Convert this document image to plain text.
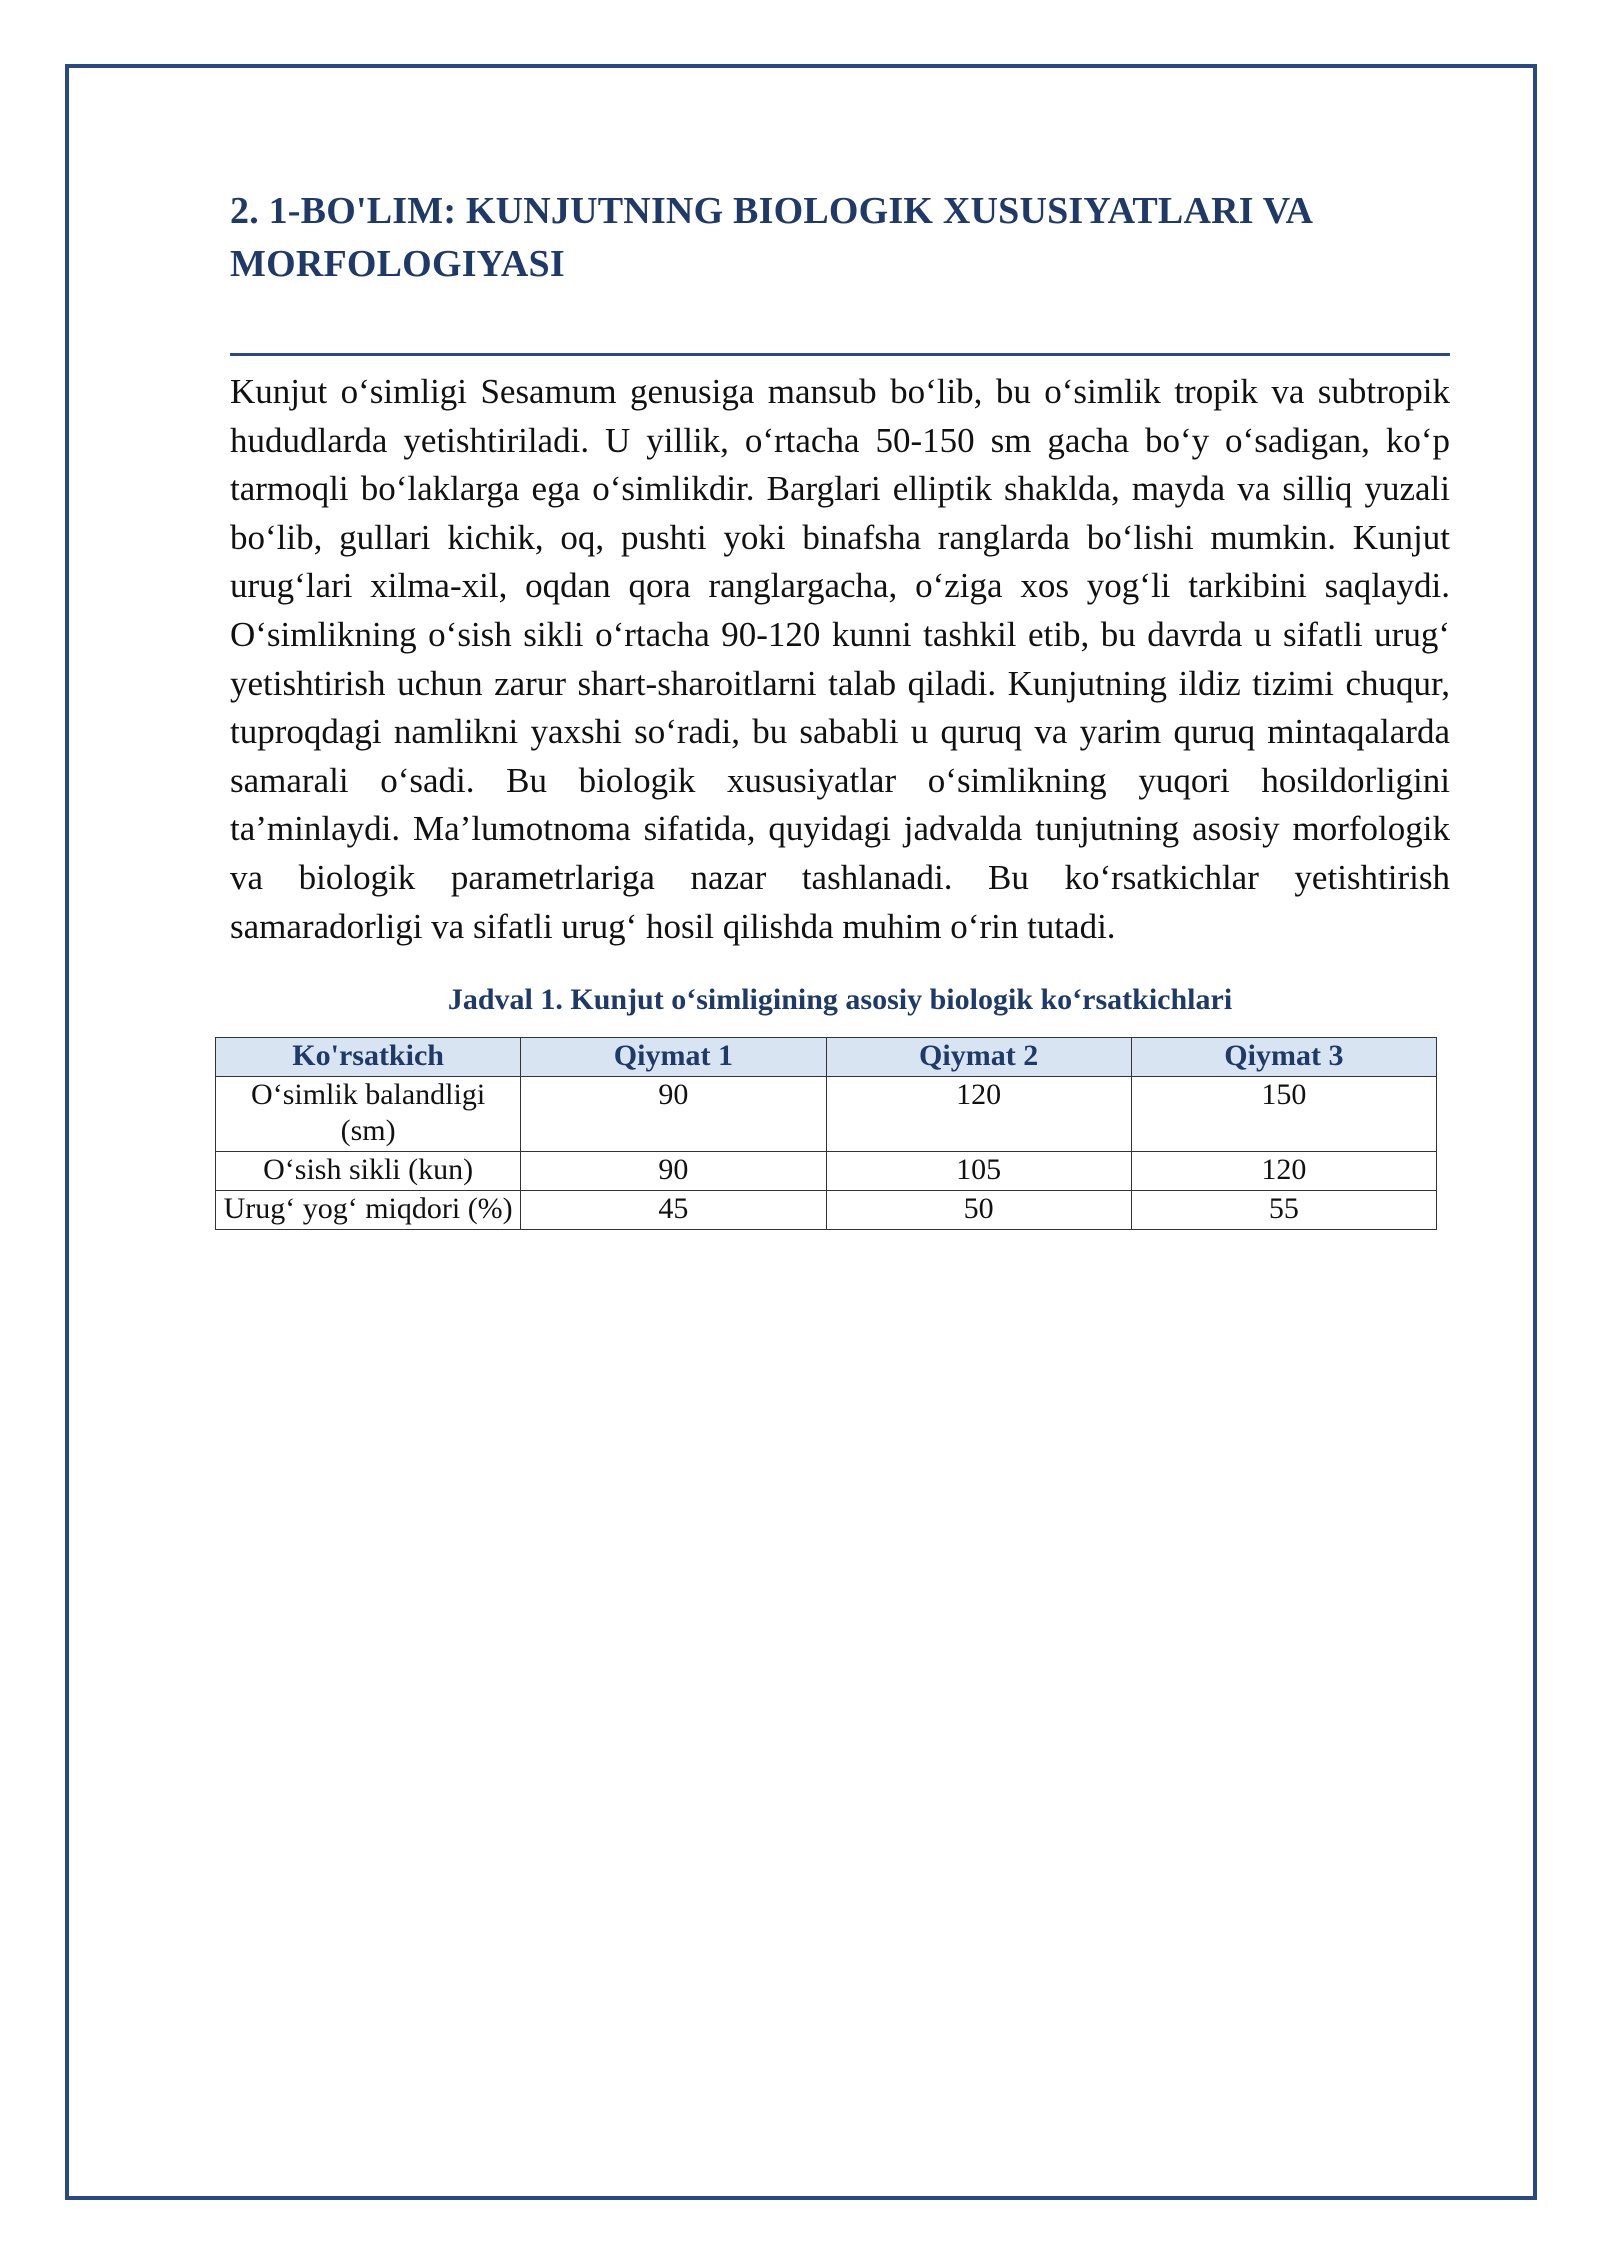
2. 1-BO'LIM: KUNJUTNING BIOLOGIK XUSUSIYATLARI VA MORFOLOGIYASI

Kunjut o‘simligi Sesamum genusiga mansub bo‘lib, bu o‘simlik tropik va subtropik hududlarda yetishtiriladi. U yillik, o‘rtacha 50-150 sm gacha bo‘y o‘sadigan, ko‘p tarmoqli bo‘laklarga ega o‘simlikdir. Barglari elliptik shaklda, mayda va silliq yuzali bo‘lib, gullari kichik, oq, pushti yoki binafsha ranglarda bo‘lishi mumkin. Kunjut urug‘lari xilma-xil, oqdan qora ranglargacha, o‘ziga xos yog‘li tarkibini saqlaydi. O‘simlikning o‘sish sikli o‘rtacha 90-120 kunni tashkil etib, bu davrda u sifatli urug‘ yetishtirish uchun zarur shart-sharoitlarni talab qiladi. Kunjutning ildiz tizimi chuqur, tuproqdagi namlikni yaxshi so‘radi, bu sababli u quruq va yarim quruq mintaqalarda samarali o‘sadi. Bu biologik xususiyatlar o‘simlikning yuqori hosildorligini ta’minlaydi. Ma’lumotnoma sifatida, quyidagi jadvalda tunjutning asosiy morfologik va biologik parametrlariga nazar tashlanadi. Bu ko‘rsatkichlar yetishtirish samaradorligi va sifatli urug‘ hosil qilishda muhim o‘rin tutadi.

Jadval 1. Kunjut o‘simligining asosiy biologik ko‘rsatkichlari
Ko'rsatkich	Qiymat 1	Qiymat 2	Qiymat 3
O‘simlik balandligi (sm)	90	120	150
O‘sish sikli (kun)	90	105	120
Urug‘ yog‘ miqdori (%)	45	50	55
